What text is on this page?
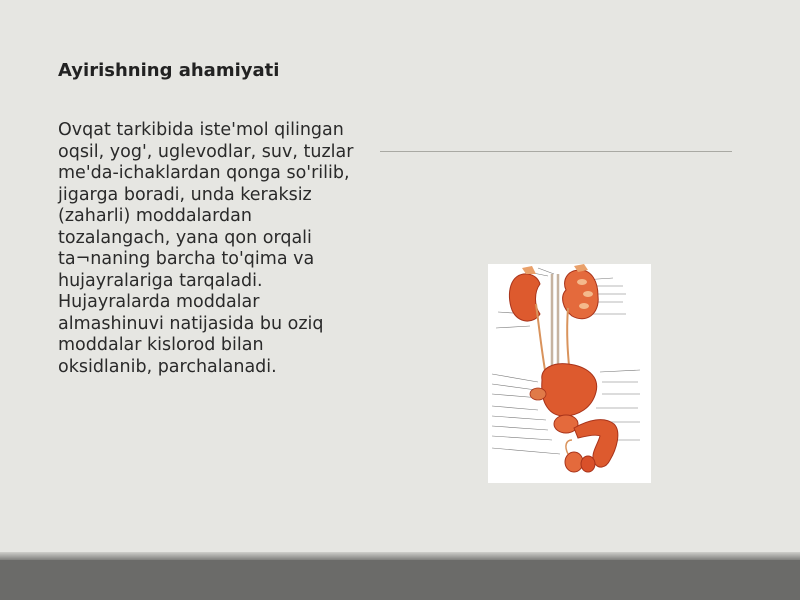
Ayirishning ahamiyati
Ovqat tarkibida iste'mol qilingan
oqsil, yog', uglevodlar, suv, tuzlar
me'da-ichaklardan qonga so'rilib,
jigarga boradi, unda keraksiz
(zaharli) moddalardan
tozalangach, yana qon orqali
ta¬naning barcha to'qima va
hujayralariga tarqaladi.
Hujayralarda moddalar
almashinuvi natijasida bu oziq
moddalar kislorod bilan
oksidlanib, parchalanadi.
